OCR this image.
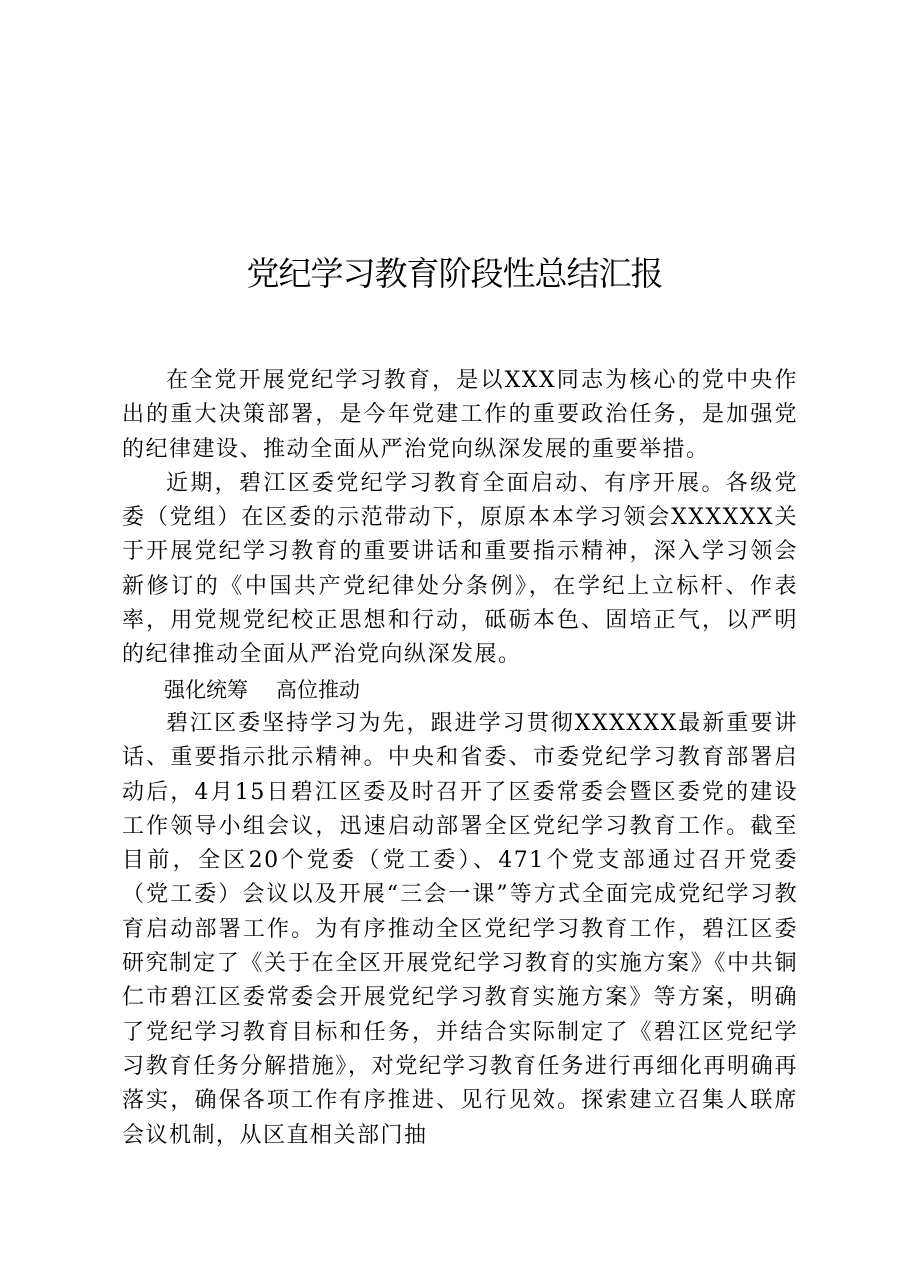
党纪学习教育阶段性总结汇报

在全党开展党纪学习教育，是以XXX同志为核心的党中央作出的重大决策部署，是今年党建工作的重要政治任务，是加强党的纪律建设、推动全面从严治党向纵深发展的重要举措。

近期，碧江区委党纪学习教育全面启动、有序开展。各级党委（党组）在区委的示范带动下，原原本本学习领会XXXXXX关于开展党纪学习教育的重要讲话和重要指示精神，深入学习领会新修订的《中国共产党纪律处分条例》，在学纪上立标杆、作表率，用党规党纪校正思想和行动，砥砺本色、固培正气，以严明的纪律推动全面从严治党向纵深发展。

强化统筹 高位推动

碧江区委坚持学习为先，跟进学习贯彻XXXXXX最新重要讲话、重要指示批示精神。中央和省委、市委党纪学习教育部署启动后，4月15日碧江区委及时召开了区委常委会暨区委党的建设工作领导小组会议，迅速启动部署全区党纪学习教育工作。截至目前，全区20个党委（党工委）、471个党支部通过召开党委（党工委）会议以及开展“三会一课”等方式全面完成党纪学习教育启动部署工作。为有序推动全区党纪学习教育工作，碧江区委研究制定了《关于在全区开展党纪学习教育的实施方案》《中共铜仁市碧江区委常委会开展党纪学习教育实施方案》等方案，明确了党纪学习教育目标和任务，并结合实际制定了《碧江区党纪学习教育任务分解措施》，对党纪学习教育任务进行再细化再明确再落实，确保各项工作有序推进、见行见效。探索建立召集人联席会议机制，从区直相关部门抽
